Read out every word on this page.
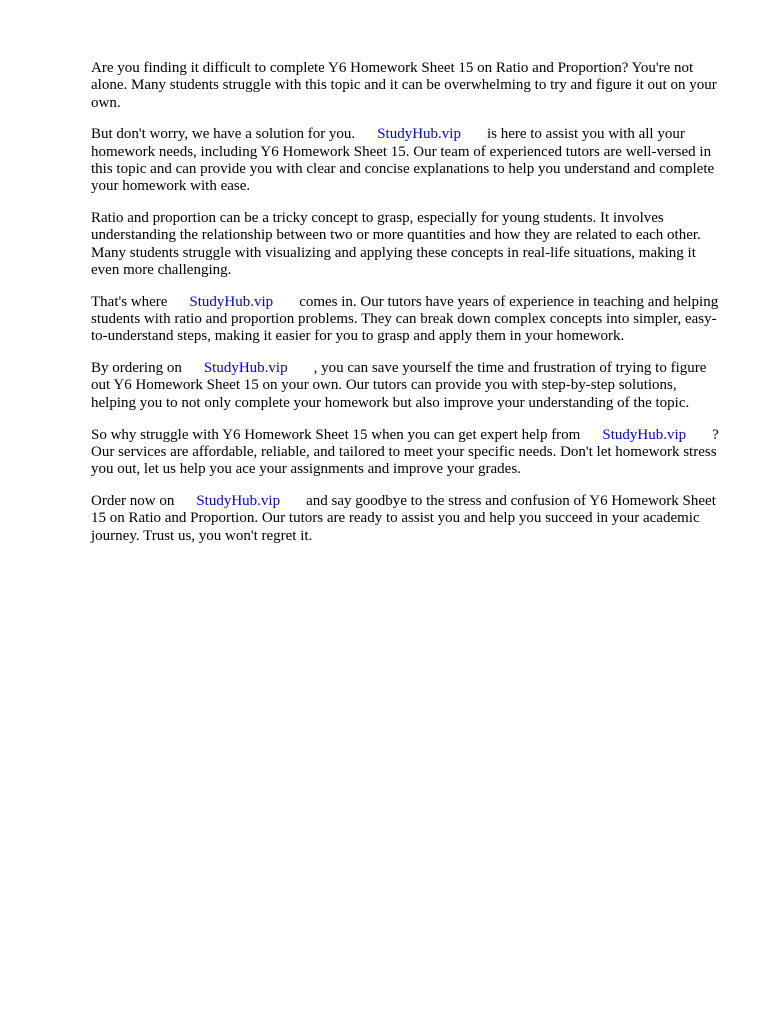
Are you finding it difficult to complete Y6 Homework Sheet 15 on Ratio and Proportion? You're not alone. Many students struggle with this topic and it can be overwhelming to try and figure it out on your own.

But don't worry, we have a solution for you. StudyHub.vip is here to assist you with all your homework needs, including Y6 Homework Sheet 15. Our team of experienced tutors are well-versed in this topic and can provide you with clear and concise explanations to help you understand and complete your homework with ease.

Ratio and proportion can be a tricky concept to grasp, especially for young students. It involves understanding the relationship between two or more quantities and how they are related to each other. Many students struggle with visualizing and applying these concepts in real-life situations, making it even more challenging.

That's where StudyHub.vip comes in. Our tutors have years of experience in teaching and helping students with ratio and proportion problems. They can break down complex concepts into simpler, easy-to-understand steps, making it easier for you to grasp and apply them in your homework.

By ordering on StudyHub.vip , you can save yourself the time and frustration of trying to figure out Y6 Homework Sheet 15 on your own. Our tutors can provide you with step-by-step solutions, helping you to not only complete your homework but also improve your understanding of the topic.

So why struggle with Y6 Homework Sheet 15 when you can get expert help from StudyHub.vip ? Our services are affordable, reliable, and tailored to meet your specific needs. Don't let homework stress you out, let us help you ace your assignments and improve your grades.

Order now on StudyHub.vip and say goodbye to the stress and confusion of Y6 Homework Sheet 15 on Ratio and Proportion. Our tutors are ready to assist you and help you succeed in your academic journey. Trust us, you won't regret it.
